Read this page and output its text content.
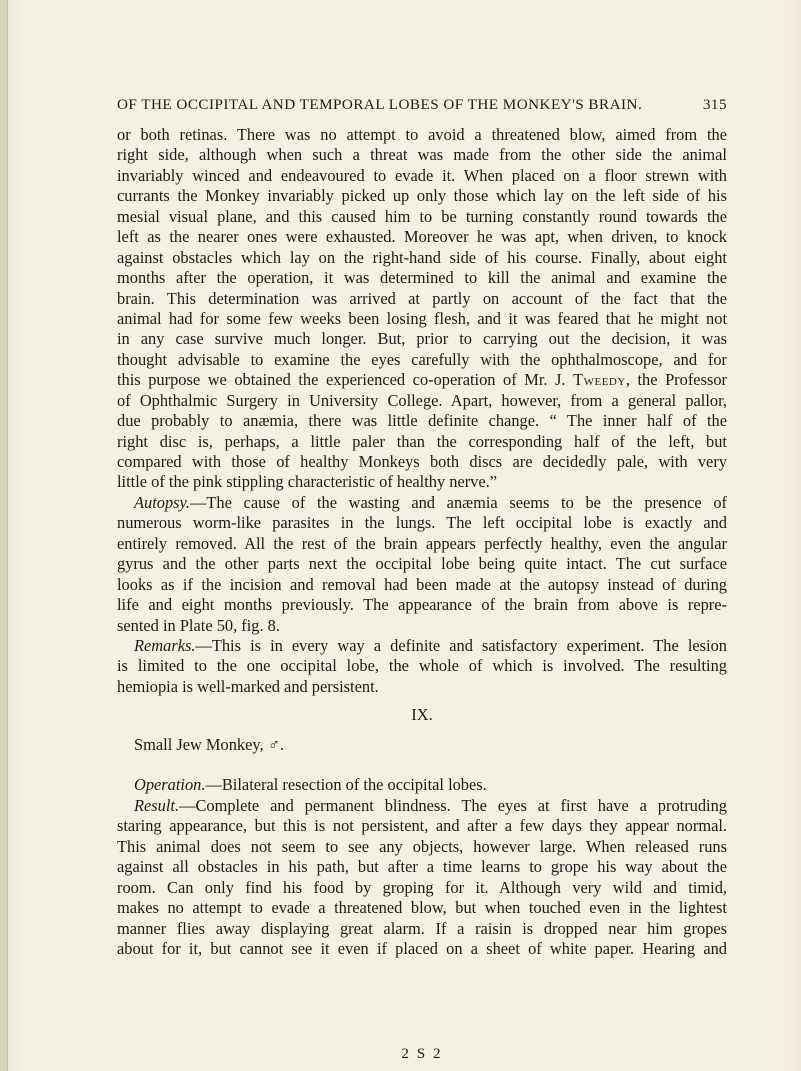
OF THE OCCIPITAL AND TEMPORAL LOBES OF THE MONKEY'S BRAIN.	315
or both retinas. There was no attempt to avoid a threatened blow, aimed from the
right side, although when such a threat was made from the other side the animal
invariably winced and endeavoured to evade it. When placed on a floor strewn with
currants the Monkey invariably picked up only those which lay on the left side of his
mesial visual plane, and this caused him to be turning constantly round towards the
left as the nearer ones were exhausted. Moreover he was apt, when driven, to knock
against obstacles which lay on the right-hand side of his course. Finally, about eight
months after the operation, it was determined to kill the animal and examine the
brain. This determination was arrived at partly on account of the fact that the
animal had for some few weeks been losing flesh, and it was feared that he might not
in any case survive much longer. But, prior to carrying out the decision, it was
thought advisable to examine the eyes carefully with the ophthalmoscope, and for
this purpose we obtained the experienced co-operation of Mr. J. Tweedy, the Professor
of Ophthalmic Surgery in University College. Apart, however, from a general pallor,
due probably to anæmia, there was little definite change. “ The inner half of the
right disc is, perhaps, a little paler than the corresponding half of the left, but
compared with those of healthy Monkeys both discs are decidedly pale, with very
little of the pink stippling characteristic of healthy nerve.”
Autopsy.—The cause of the wasting and anæmia seems to be the presence of
numerous worm-like parasites in the lungs. The left occipital lobe is exactly and
entirely removed. All the rest of the brain appears perfectly healthy, even the angular
gyrus and the other parts next the occipital lobe being quite intact. The cut surface
looks as if the incision and removal had been made at the autopsy instead of during
life and eight months previously. The appearance of the brain from above is repre-
sented in Plate 50, fig. 8.
Remarks.—This is in every way a definite and satisfactory experiment. The lesion
is limited to the one occipital lobe, the whole of which is involved. The resulting
hemiopia is well-marked and persistent.
IX.
Small Jew Monkey, ♂.
Operation.—Bilateral resection of the occipital lobes.
Result.—Complete and permanent blindness. The eyes at first have a protruding
staring appearance, but this is not persistent, and after a few days they appear normal.
This animal does not seem to see any objects, however large. When released runs
against all obstacles in his path, but after a time learns to grope his way about the
room. Can only find his food by groping for it. Although very wild and timid,
makes no attempt to evade a threatened blow, but when touched even in the lightest
manner flies away displaying great alarm. If a raisin is dropped near him gropes
about for it, but cannot see it even if placed on a sheet of white paper. Hearing and
2 S 2
